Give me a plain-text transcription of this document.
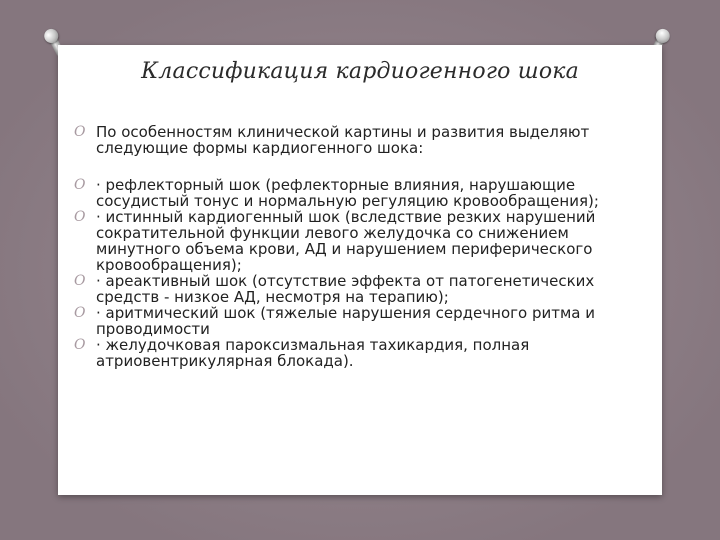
Классификация кардиогенного шока
O По особенностям клинической картины и развития выделяют следующие формы кардиогенного шока:
O · рефлекторный шок (рефлекторные влияния, нарушающие сосудистый тонус и нормальную регуляцию кровообращения);
O · истинный кардиогенный шок (вследствие резких нарушений сократительной функции левого желудочка со снижением минутного объема крови, АД и нарушением периферического кровообращения);
O · ареактивный шок (отсутствие эффекта от патогенетических средств - низкое АД, несмотря на терапию);
O · аритмический шок (тяжелые нарушения сердечного ритма и проводимости
O · желудочковая пароксизмальная тахикардия, полная атриовентрикулярная блокада).
